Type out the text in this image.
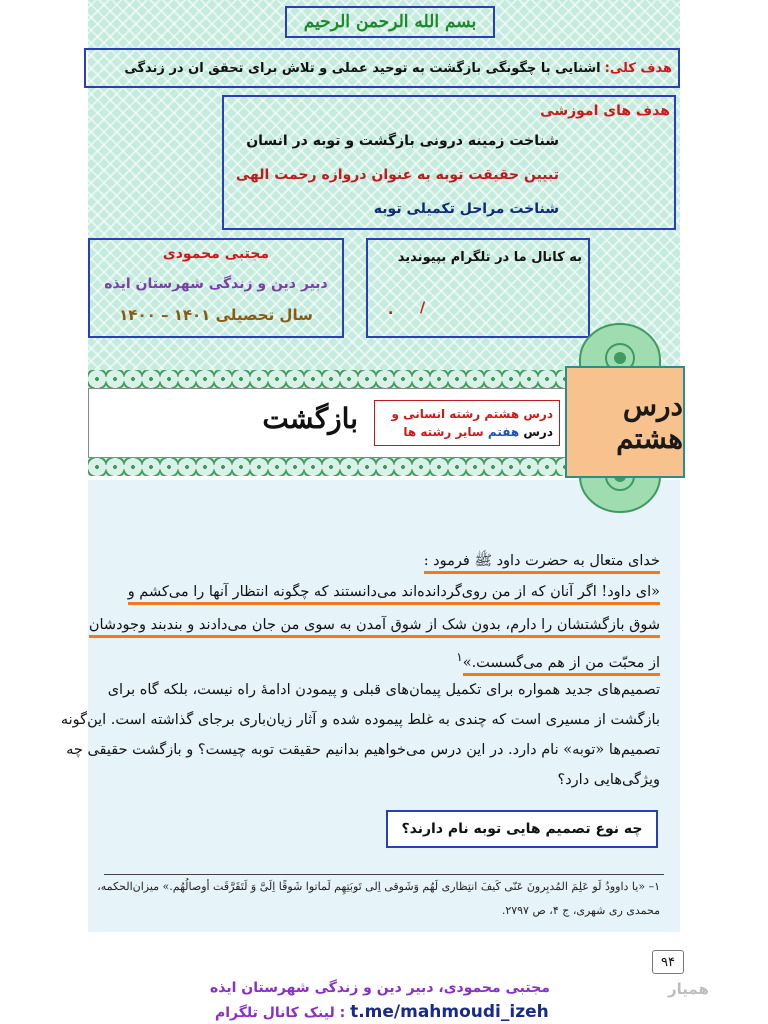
بسم الله الرحمن الرحیم
هدف کلی:
اشنایی با چگونگی بازگشت به توحید عملی و تلاش برای تحقق ان در زندگی
هدف های اموزشی
شناخت زمینه درونی بازگشت و توبه در انسان
تبیین حقیقت توبه به عنوان دروازه رحمت الهی
شناخت مراحل تکمیلی توبه
به کانال ما در تلگرام بپیوندید
/
.
مجتبی محمودی
دبیر دین و زندگی شهرستان ایذه
سال تحصیلی ۱۴۰۱ – ۱۴۰۰
درس هشتم
درس هشتم رشته انسانی و
درس هفتم سایر رشته ها
بازگشت
خدای متعال به حضرت داود ﷺ فرمود :
«ای داود! اگر آنان که از من روی‌گردانده‌اند می‌دانستند که چگونه انتظار آنها را می‌کشم و
شوق بازگشتشان را دارم، بدون شک از شوق آمدن به سوی من جان می‌دادند و بندبند وجودشان
از محبّت من از هم می‌گسست.»$^۱$
تصمیم‌های جدید همواره برای تکمیل پیمان‌های قبلی و پیمودن ادامهٔ راه نیست، بلکه گاه برای
بازگشت از مسیری است که چندی به غلط پیموده شده و آثار زیان‌باری برجای گذاشته است. این‌گونه
تصمیم‌ها «توبه» نام دارد. در این درس می‌خواهیم بدانیم حقیقت توبه چیست؟ و بازگشت حقیقی چه
ویژگی‌هایی دارد؟
چه نوع تصمیم هایی توبه نام دارند؟
۱– «یا داوودُ لَو عَلِمَ المُدبِرونَ عَنّی کَیفَ انتِظاری لَهُم وَشَوقی اِلی تَوبَتِهِم لَماتوا شَوقًا اِلَیَّ وَ لَتَقَرَّقَت أوصالُهُم.» میزان‌الحکمه،
محمدی ری شهری، ج ۴، ص ۲۷۹۷.
۹۴
همیار
مجتبی محمودی، دبیر دین و زندگی شهرستان ایذه
t.me/mahmoudi_izeh : لینک کانال تلگرام
